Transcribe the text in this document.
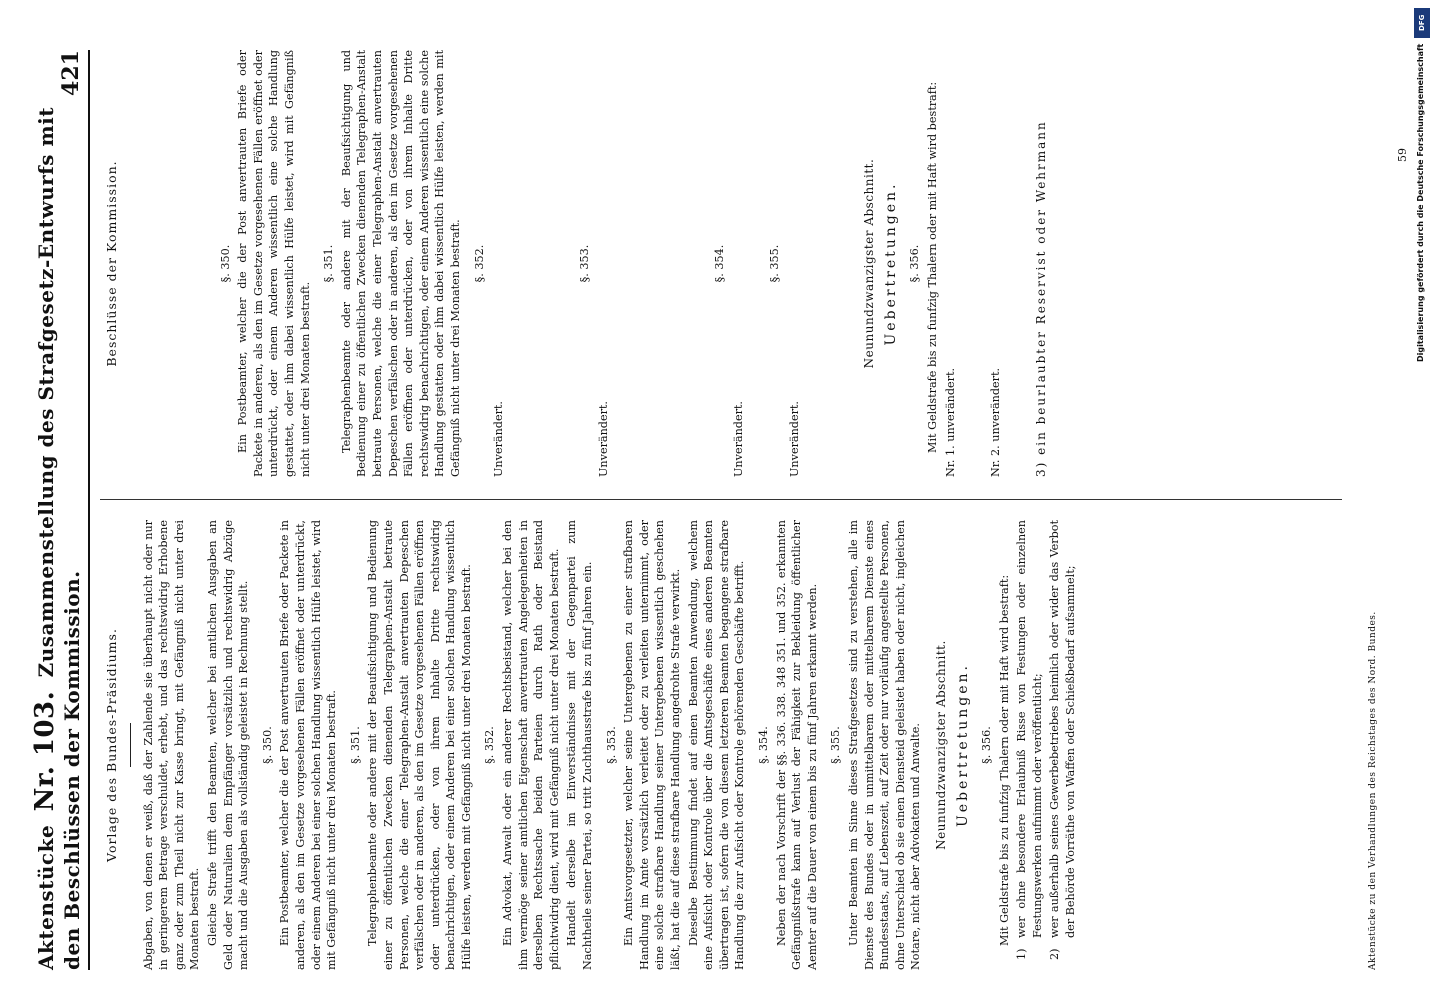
Aktenstücke Nr. 103. Zusammenstellung des Strafgesetz-Entwurfs mit den Beschlüssen der Kommission.
421
Vorlage des Bundes-Präsidiums. Abgaben, von denen er weiß, daß der Zahlende sie überhaupt nicht oder nur in geringerem Betrage verschuldet, erhebt, und das rechtswidrig Erhobene ganz oder zum Theil nicht zur Kasse bringt, mit Gefängniß nicht unter drei Monaten bestraft. Gleiche Strafe trifft den Beamten, welcher bei amtlichen Ausgaben an Geld oder Naturalien dem Empfänger vorsätzlich und rechtswidrig Abzüge macht und die Ausgaben als vollständig geleistet in Rechnung stellt. §. 350. Ein Postbeamter, welcher die der Post anvertrauten Briefe oder Packete in anderen, als den im Gesetze vorgesehenen Fällen eröffnet oder unterdrückt, oder einem Anderen bei einer solchen Handlung wissentlich Hülfe leistet, wird mit Gefängniß nicht unter drei Monaten bestraft. §. 351. Telegraphenbeamte oder andere mit der Beaufsichtigung und Bedienung einer zu öffentlichen Zwecken dienenden Telegraphen-Anstalt betraute Personen, welche die einer Telegraphen-Anstalt anvertrauten Depeschen verfälschen oder in anderen, als den im Gesetze vorgesehenen Fällen eröffnen oder unterdrücken, oder von ihrem Inhalte Dritte rechtswidrig benachrichtigen, oder einem Anderen bei einer solchen Handlung wissentlich Hülfe leisten, werden mit Gefängniß nicht unter drei Monaten bestraft. §. 352. Ein Advokat, Anwalt oder ein anderer Rechtsbeistand, welcher bei den ihm vermöge seiner amtlichen Eigenschaft anvertrauten Angelegenheiten in derselben Rechtssache beiden Parteien durch Rath oder Beistand pflichtwidrig dient, wird mit Gefängniß nicht unter drei Monaten bestraft. Handelt derselbe im Einverständnisse mit der Gegenpartei zum Nachtheile seiner Partei, so tritt Zuchthausstrafe bis zu fünf Jahren ein. §. 353. Ein Amtsvorgesetzter, welcher seine Untergebenen zu einer strafbaren Handlung im Amte vorsätzlich verleitet oder zu verleiten unternimmt, oder eine solche strafbare Handlung seiner Untergebenen wissentlich geschehen läßt, hat die auf diese strafbare Handlung angedrohte Strafe verwirkt. Dieselbe Bestimmung findet auf einen Beamten Anwendung, welchem eine Aufsicht oder Kontrole über die Amtsgeschäfte eines anderen Beamten übertragen ist, sofern die von diesem letzteren Beamten begangene strafbare Handlung die zur Aufsicht oder Kontrole gehörenden Geschäfte betrifft. §. 354. Neben der nach Vorschrift der §§. 336. 338. 348 351. und 352. erkannten Gefängnißstrafe kann auf Verlust der Fähigkeit zur Bekleidung öffentlicher Aemter auf die Dauer von einem bis zu fünf Jahren erkannt werden. §. 355. Unter Beamten im Sinne dieses Strafgesetzes sind zu verstehen, alle im Dienste des Bundes oder in unmittelbarem oder mittelbarem Dienste eines Bundesstaats, auf Lebenszeit, auf Zeit oder nur vorläufig angestellte Personen, ohne Unterschied ob sie einen Diensteid geleistet haben oder nicht, ingleichen Notare, nicht aber Advokaten und Anwalte. Neunundzwanzigster Abschnitt. Uebertretungen. §. 356. Mit Geldstrafe bis zu funfzig Thalern oder mit Haft wird bestraft:

1)
wer ohne besondere Erlaubniß Risse von Festungen oder einzelnen Festungswerken aufnimmt oder veröffentlicht;
2)
wer außerhalb seines Gewerbebetriebes heimlich oder wider das Verbot der Behörde Vorräthe von Waffen oder Schießbedarf aufsammelt;
Beschlüsse der Kommission.	§. 350. Ein Postbeamter, welcher die der Post anvertrauten Briefe oder Packete in anderen, als den im Gesetze vorgesehenen Fällen eröffnet oder unterdrückt, oder einem Anderen wissentlich eine solche Handlung gestattet, oder ihm dabei wissentlich Hülfe leistet, wird mit Gefängniß nicht unter drei Monaten bestraft.

§. 351. Telegraphenbeamte oder andere mit der Beaufsichtigung und Bedienung einer zu öffentlichen Zwecken dienenden Telegraphen-Anstalt betraute Personen, welche die einer Telegraphen-Anstalt anvertrauten Depeschen verfälschen oder in anderen, als den im Gesetze vorgesehenen Fällen eröffnen oder unterdrücken, oder von ihrem Inhalte Dritte rechtswidrig benachrichtigen, oder einem Anderen wissentlich eine solche Handlung gestatten oder ihm dabei wissentlich Hülfe leisten, werden mit Gefängniß nicht unter drei Monaten bestraft. §. 352.

Unverändert.

§. 353.

Unverändert.

§. 354.

Unverändert.

§. 355.

Unverändert.

Neunundzwanzigster Abschnitt. Uebertretungen. §. 356. Mit Geldstrafe bis zu funfzig Thalern oder mit Haft wird bestraft: Nr. 1. unverändert.	Nr. 2. unverändert.	3) ein beurlaubter Reservist oder Wehrmann

Aktenstücke zu den Verhandlungen des Reichstages des Nord. Bundes.
59
DFG
Digitalisierung gefördert durch die Deutsche Forschungsgemeinschaft
